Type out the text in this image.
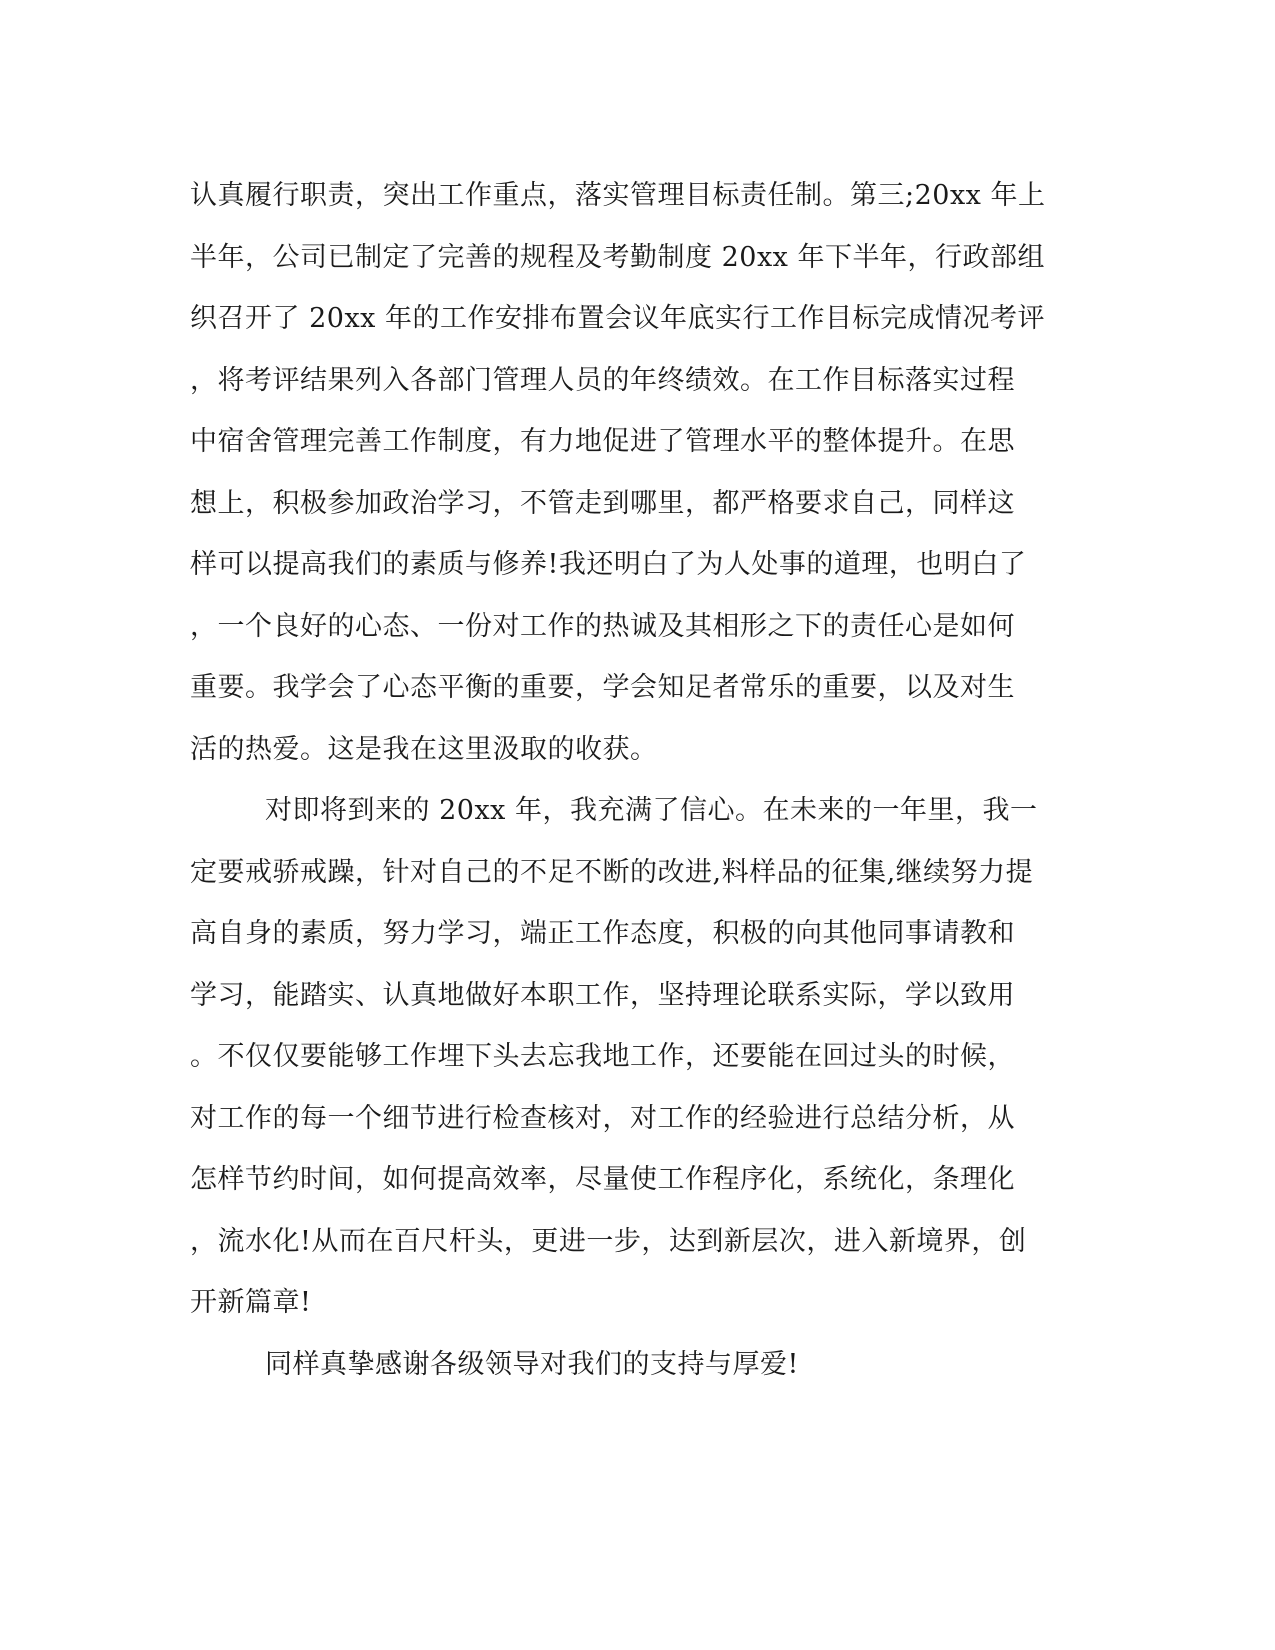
认真履行职责，突出工作重点，落实管理目标责任制。第三;20xx 年上
半年，公司已制定了完善的规程及考勤制度 20xx 年下半年，行政部组
织召开了 20xx 年的工作安排布置会议年底实行工作目标完成情况考评
，将考评结果列入各部门管理人员的年终绩效。在工作目标落实过程
中宿舍管理完善工作制度，有力地促进了管理水平的整体提升。在思
想上，积极参加政治学习，不管走到哪里，都严格要求自己，同样这
样可以提高我们的素质与修养!我还明白了为人处事的道理，也明白了
，一个良好的心态、一份对工作的热诚及其相形之下的责任心是如何
重要。我学会了心态平衡的重要，学会知足者常乐的重要，以及对生
活的热爱。这是我在这里汲取的收获。
对即将到来的 20xx 年，我充满了信心。在未来的一年里，我一
定要戒骄戒躁，针对自己的不足不断的改进,料样品的征集,继续努力提
高自身的素质，努力学习，端正工作态度，积极的向其他同事请教和
学习，能踏实、认真地做好本职工作，坚持理论联系实际，学以致用
。不仅仅要能够工作埋下头去忘我地工作，还要能在回过头的时候，
对工作的每一个细节进行检查核对，对工作的经验进行总结分析，从
怎样节约时间，如何提高效率，尽量使工作程序化，系统化，条理化
，流水化!从而在百尺杆头，更进一步，达到新层次，进入新境界，创
开新篇章!
同样真挚感谢各级领导对我们的支持与厚爱!
